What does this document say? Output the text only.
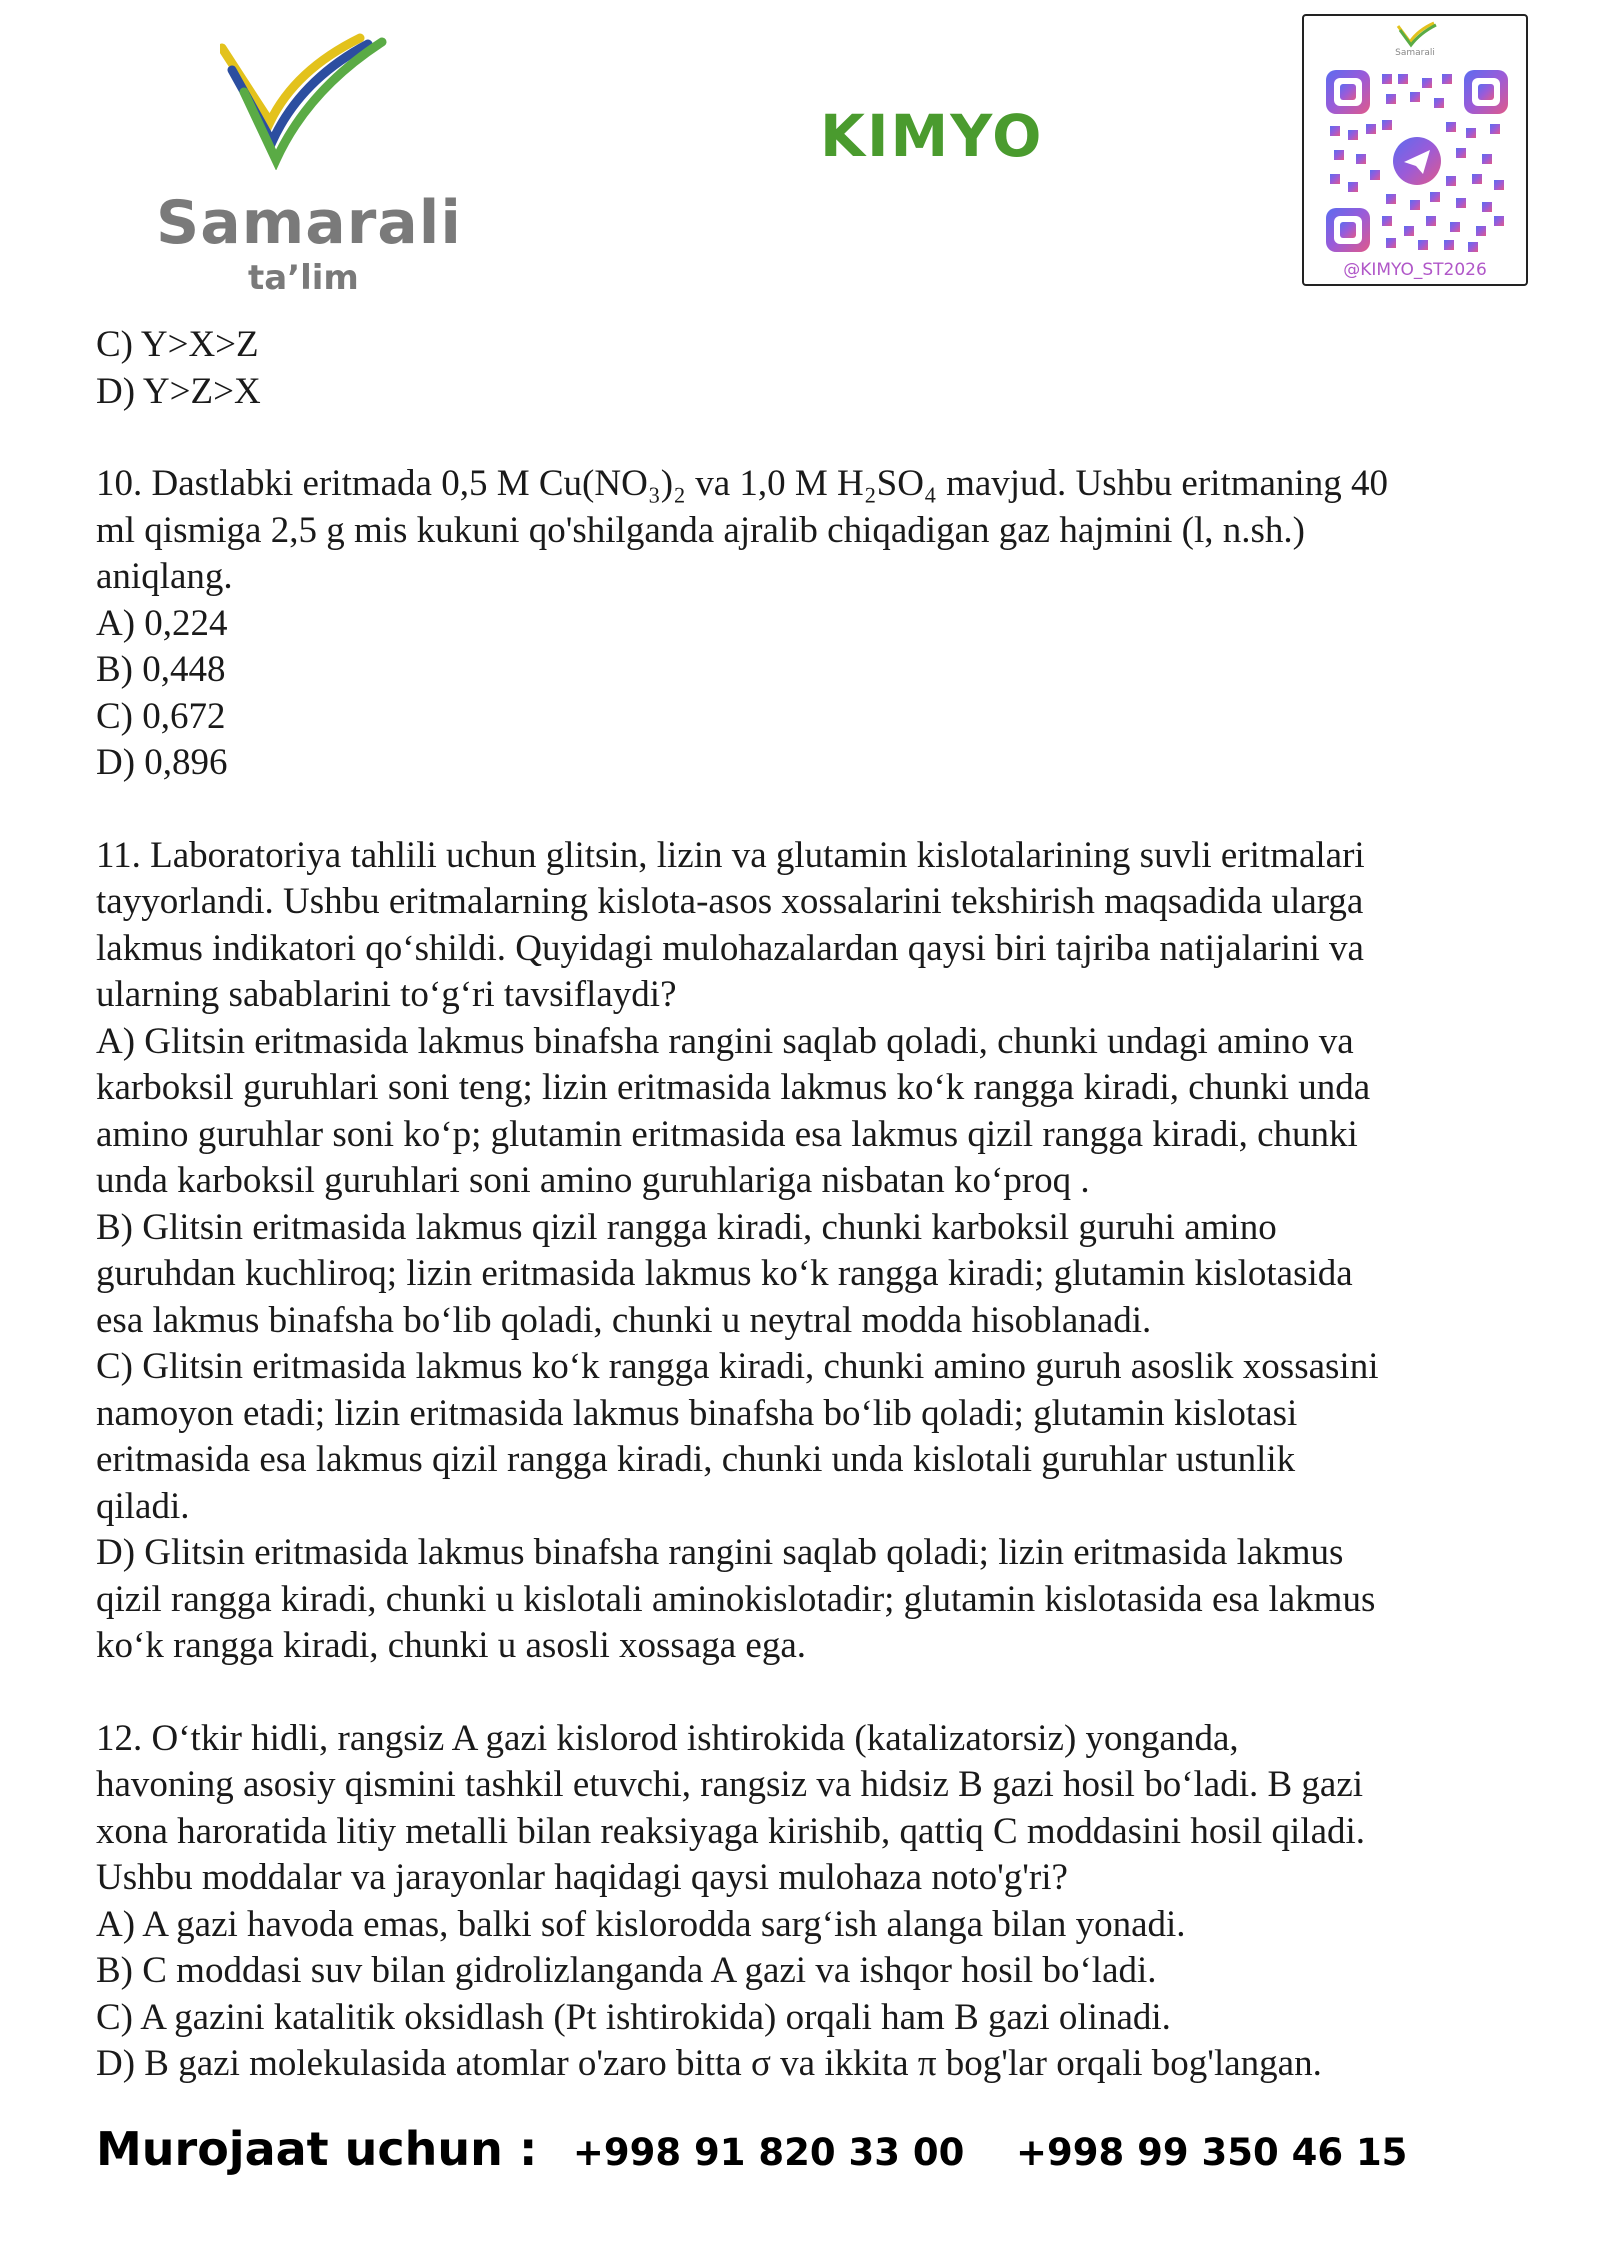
Samarali
ta’lim
KIMYO
Samarali
@KIMYO_ST2026
C) Y>X>Z
D) Y>Z>X
10. Dastlabki eritmada 0,5 M Cu(NO₃)₂ va 1,0 M H₂SO₄ mavjud. Ushbu eritmaning 40
ml qismiga 2,5 g mis kukuni qo'shilganda ajralib chiqadigan gaz hajmini (l, n.sh.)
aniqlang.
A) 0,224
B) 0,448
C) 0,672
D) 0,896
11. Laboratoriya tahlili uchun glitsin, lizin va glutamin kislotalarining suvli eritmalari
tayyorlandi. Ushbu eritmalarning kislota-asos xossalarini tekshirish maqsadida ularga
lakmus indikatori qo‘shildi. Quyidagi mulohazalardan qaysi biri tajriba natijalarini va
ularning sabablarini to‘g‘ri tavsiflaydi?
A) Glitsin eritmasida lakmus binafsha rangini saqlab qoladi, chunki undagi amino va
karboksil guruhlari soni teng; lizin eritmasida lakmus ko‘k rangga kiradi, chunki unda
amino guruhlar soni ko‘p; glutamin eritmasida esa lakmus qizil rangga kiradi, chunki
unda karboksil guruhlari soni amino guruhlariga nisbatan ko‘proq .
B) Glitsin eritmasida lakmus qizil rangga kiradi, chunki karboksil guruhi amino
guruhdan kuchliroq; lizin eritmasida lakmus ko‘k rangga kiradi; glutamin kislotasida
esa lakmus binafsha bo‘lib qoladi, chunki u neytral modda hisoblanadi.
C) Glitsin eritmasida lakmus ko‘k rangga kiradi, chunki amino guruh asoslik xossasini
namoyon etadi; lizin eritmasida lakmus binafsha bo‘lib qoladi; glutamin kislotasi
eritmasida esa lakmus qizil rangga kiradi, chunki unda kislotali guruhlar ustunlik
qiladi.
D) Glitsin eritmasida lakmus binafsha rangini saqlab qoladi; lizin eritmasida lakmus
qizil rangga kiradi, chunki u kislotali aminokislotadir; glutamin kislotasida esa lakmus
ko‘k rangga kiradi, chunki u asosli xossaga ega.
12. O‘tkir hidli, rangsiz A gazi kislorod ishtirokida (katalizatorsiz) yonganda,
havoning asosiy qismini tashkil etuvchi, rangsiz va hidsiz B gazi hosil bo‘ladi. B gazi
xona haroratida litiy metalli bilan reaksiyaga kirishib, qattiq C moddasini hosil qiladi.
Ushbu moddalar va jarayonlar haqidagi qaysi mulohaza noto'g'ri?
A) A gazi havoda emas, balki sof kislorodda sarg‘ish alanga bilan yonadi.
B) C moddasi suv bilan gidrolizlanganda A gazi va ishqor hosil bo‘ladi.
C) A gazini katalitik oksidlash (Pt ishtirokida) orqali ham B gazi olinadi.
D) B gazi molekulasida atomlar o'zaro bitta σ va ikkita π bog'lar orqali bog'langan.
Murojaat uchun : +998 91 820 33 00 +998 99 350 46 15
